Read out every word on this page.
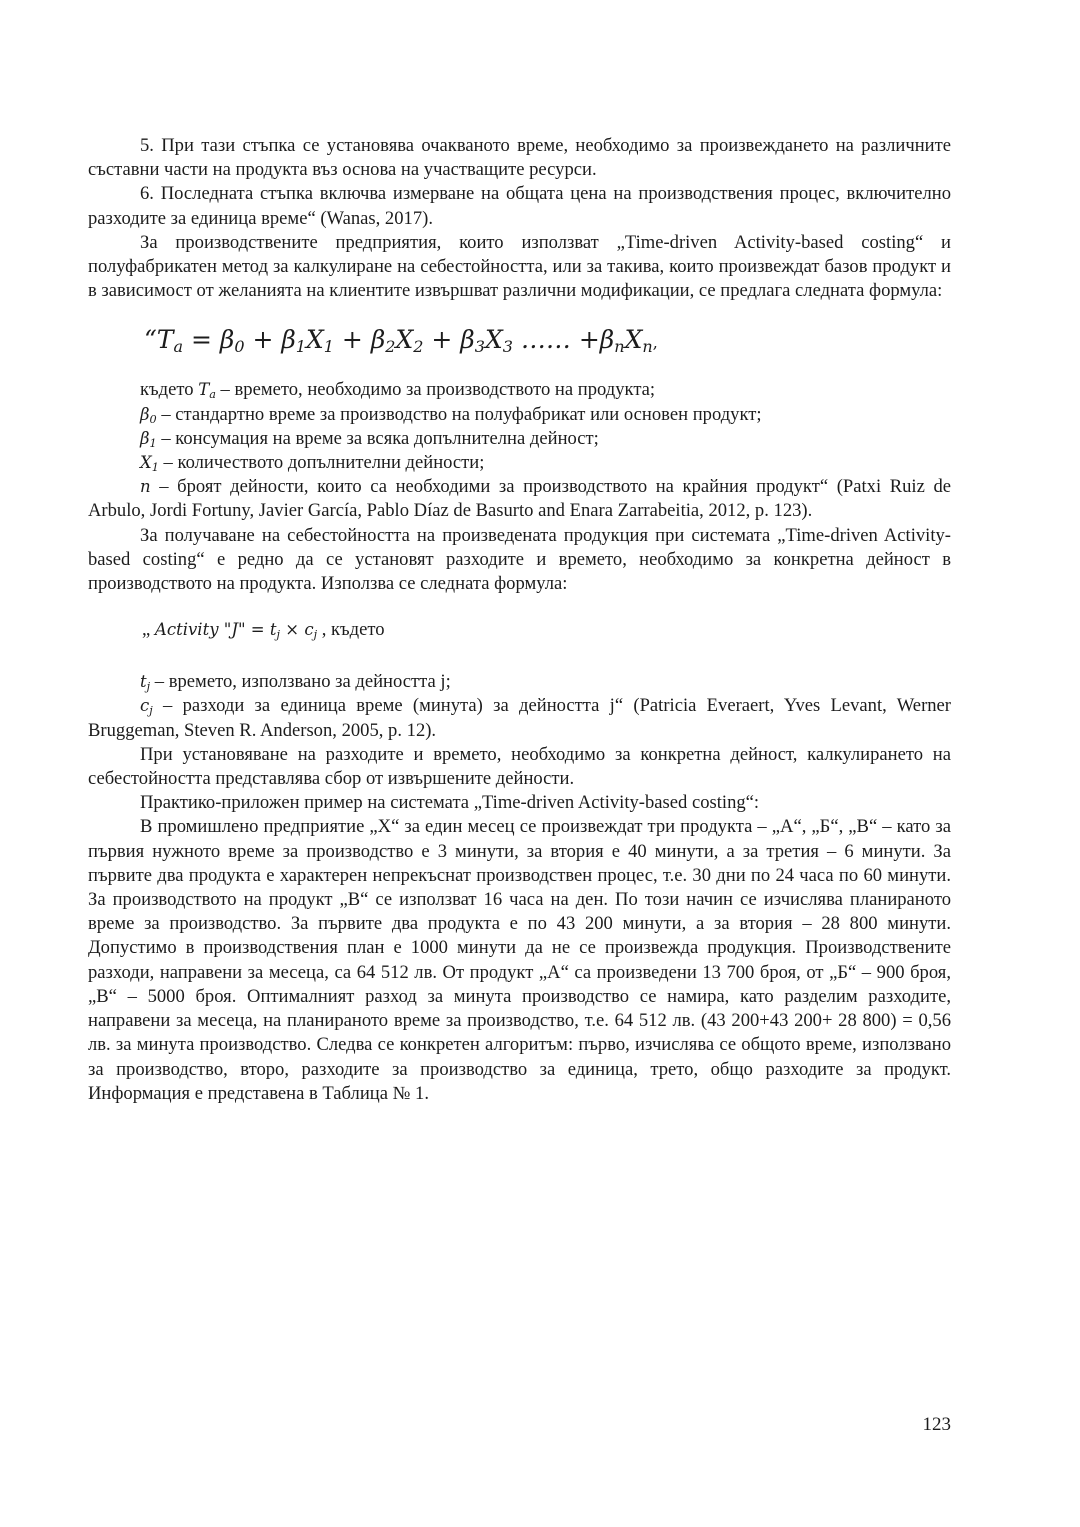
5. При тази стъпка се установява очакваното време, необходимо за произвеждането на различните съставни части на продукта въз основа на участващите ресурси.

6. Последната стъпка включва измерване на общата цена на производствения процес, включително разходите за единица време“ (Wanas, 2017).

За производствените предприятия, които използват „Time-driven Activity-based costing“ и полуфабрикатен метод за калкулиране на себестойността, или за такива, които произвеждат базов продукт и в зависимост от желанията на клиентите извършват различни модификации, се предлага следната формула:

“$T_a = \beta_0 + \beta_1X_1 + \beta_2X_2 + \beta_3X_3$ …… $+\beta_nX_n$,

където $T_a$ – времето, необходимо за производството на продукта;

$\beta_0$ – стандартно време за производство на полуфабрикат или основен продукт;

$\beta_1$ – консумация на време за всяка допълнителна дейност;

$X_1$ – количеството допълнителни дейности;

n – броят дейности, които са необходими за производството на крайния продукт“ (Patxi Ruiz de Arbulo, Jordi Fortuny, Javier García, Pablo Díaz de Basurto and Enara Zarrabeitia, 2012, p. 123).

За получаване на себестойността на произведената продукция при системата „Time-driven Activity-based costing“ е редно да се установят разходите и времето, необходимо за конкретна дейност в производството на продукта. Използва се следната формула:

„ Activity "J" = $t_j \times c_j$ , където

$t_j$ – времето, използвано за дейността j;

$c_j$ – разходи за единица време (минута) за дейността j“ (Patricia Everaert, Yves Levant, Werner Bruggeman, Steven R. Anderson, 2005, p. 12).

При установяване на разходите и времето, необходимо за конкретна дейност, калкулирането на себестойността представлява сбор от извършените дейности.

Практико-приложен пример на системата „Time-driven Activity-based costing“:

В промишлено предприятие „Х“ за един месец се произвеждат три продукта – „А“, „Б“, „В“ – като за първия нужното време за производство е 3 минути, за втория е 40 минути, а за третия – 6 минути. За първите два продукта е характерен непрекъснат производствен процес, т.е. 30 дни по 24 часа по 60 минути. За производството на продукт „В“ се използват 16 часа на ден. По този начин се изчислява планираното време за производство. За първите два продукта е по 43 200 минути, а за втория – 28 800 минути. Допустимо в производствения план е 1000 минути да не се произвежда продукция. Производствените разходи, направени за месеца, са 64 512 лв. От продукт „А“ са произведени 13 700 броя, от „Б“ – 900 броя, „В“ – 5000 броя. Оптималният разход за минута производство се намира, като разделим разходите, направени за месеца, на планираното време за производство, т.е. 64 512 лв. (43 200+43 200+ 28 800) = 0,56 лв. за минута производство. Следва се конкретен алгоритъм: първо, изчислява се общото време, използвано за производство, второ, разходите за производство за единица, трето, общо разходите за продукт. Информация е представена в Таблица № 1.

123
